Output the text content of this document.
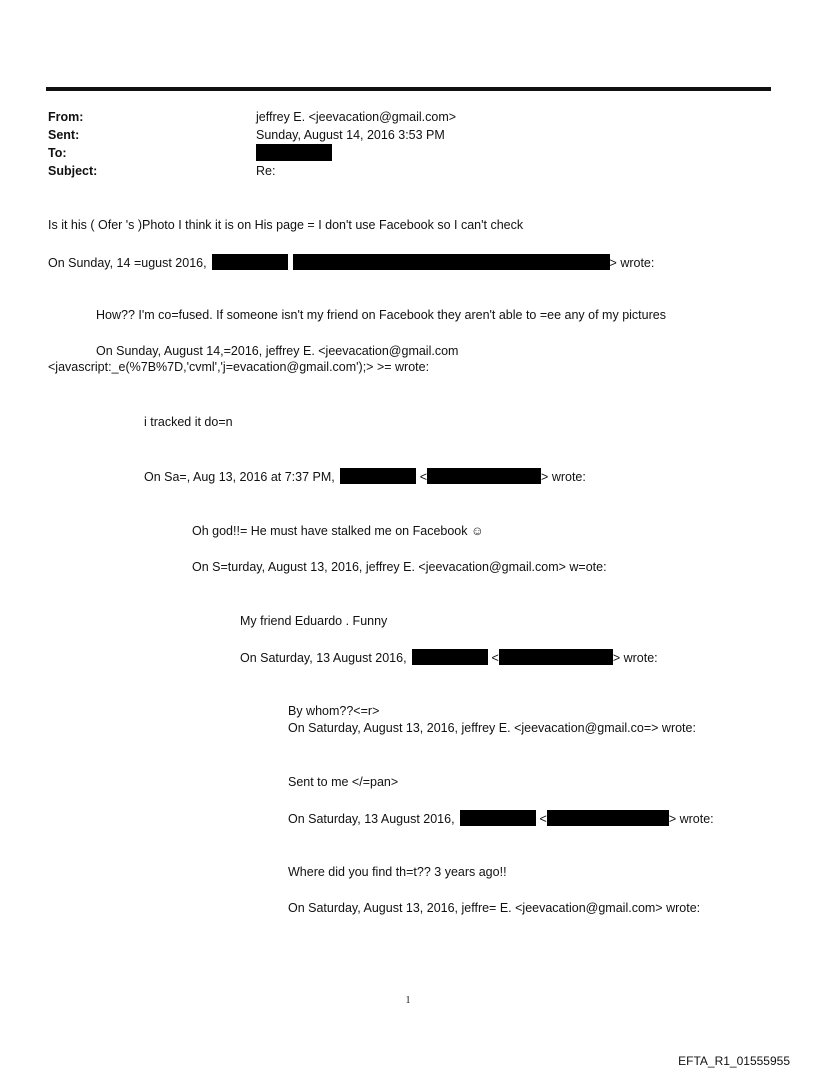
From:	jeffrey E. <jeevacation@gmail.com>
Sent:	Sunday, August 14, 2016 3:53 PM
To:
Subject:	Re:
Is it his ( Ofer 's )Photo I think it is on His page = I don't use Facebook so I can't check
On Sunday, 14 =ugust 2016,	> wrote:
How?? I'm co=fused. If someone isn't my friend on Facebook they aren't able to =ee any of my pictures
On Sunday, August 14,=2016, jeffrey E. <jeevacation@gmail.com
<javascript:_e(%7B%7D,'cvml','j=evacation@gmail.com');> >= wrote:
i tracked it do=n
On Sa=, Aug 13, 2016 at 7:37 PM,	<	> wrote:
Oh god!!= He must have stalked me on Facebook ☺
On S=turday, August 13, 2016, jeffrey E. <jeevacation@gmail.com> w=ote:
My friend Eduardo . Funny
On Saturday, 13 August 2016,	<	> wrote:
By whom??<=r>
On Saturday, August 13, 2016, jeffrey E. <jeevacation@gmail.co=> wrote:
Sent to me </=pan>
On Saturday, 13 August 2016,	<	> wrote:
Where did you find th=t?? 3 years ago!!
On Saturday, August 13, 2016, jeffre= E. <jeevacation@gmail.com> wrote:
1
EFTA_R1_01555955
